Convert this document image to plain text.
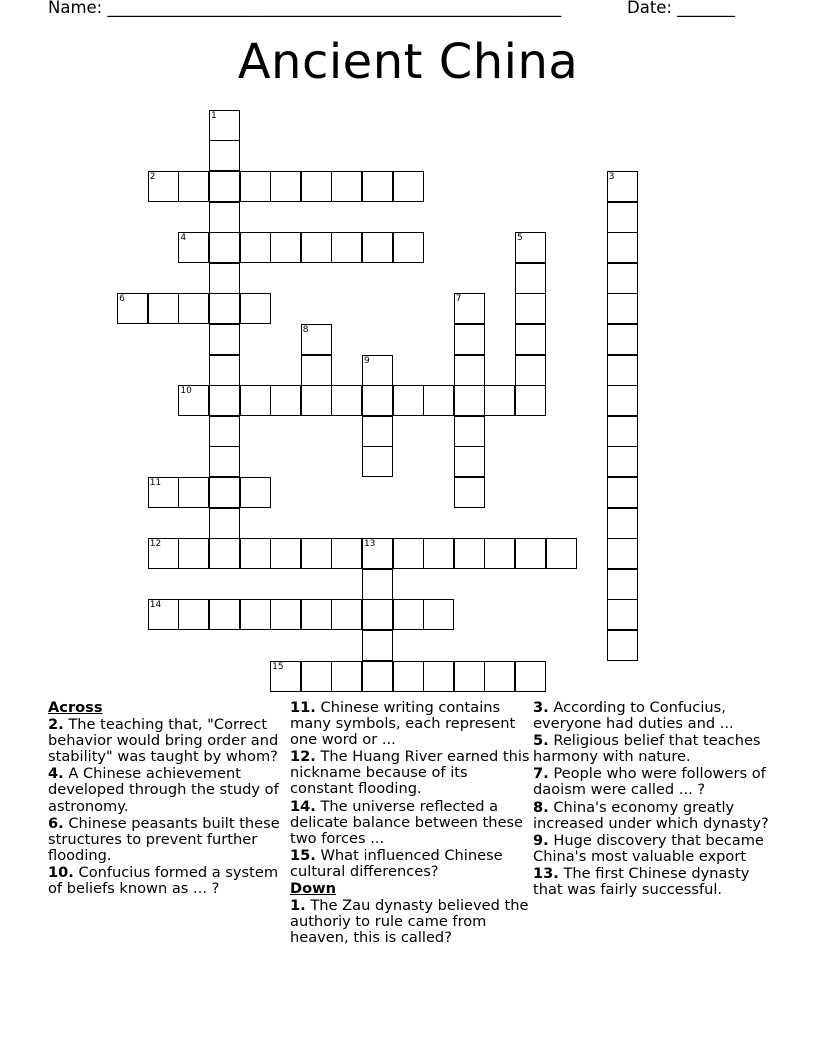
Name: _______________________________________________________	Date: _______
Ancient China
1
2	3
4	5
6	7
8
9
10
11
12	13
14
15
Across
2. The teaching that, "Correct behavior would bring order and stability" was taught by whom?
4. A Chinese achievement developed through the study of astronomy.
6. Chinese peasants built these structures to prevent further flooding.
10. Confucius formed a system of beliefs known as ... ?
11. Chinese writing contains many symbols, each represent one word or ...
12. The Huang River earned this nickname because of its constant flooding.
14. The universe reflected a delicate balance between these two forces ...
15. What influenced Chinese cultural differences?
Down
1. The Zau dynasty believed the authoriy to rule came from heaven, this is called?
3. According to Confucius, everyone had duties and ...
5. Religious belief that teaches harmony with nature.
7. People who were followers of daoism were called ... ?
8. China's economy greatly increased under which dynasty?
9. Huge discovery that became China's most valuable export
13. The first Chinese dynasty that was fairly successful.
